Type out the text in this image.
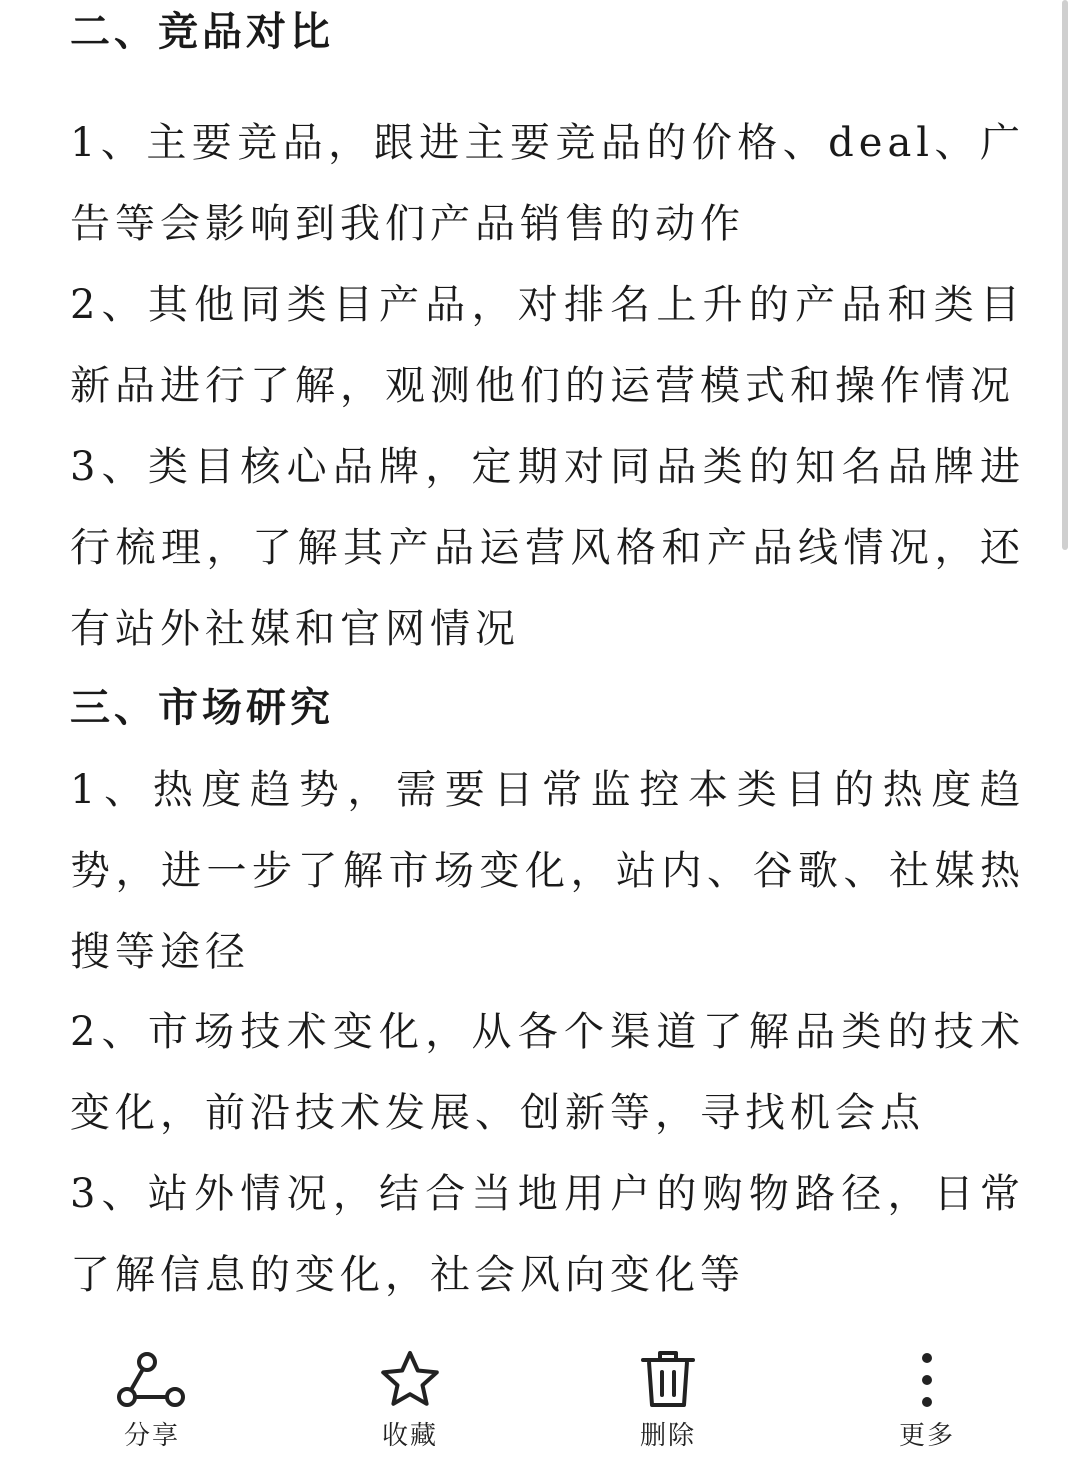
二、竞品对比
1、主要竞品，跟进主要竞品的价格、deal、广告等会影响到我们产品销售的动作
2、其他同类目产品，对排名上升的产品和类目新品进行了解，观测他们的运营模式和操作情况
3、类目核心品牌，定期对同品类的知名品牌进行梳理，了解其产品运营风格和产品线情况，还有站外社媒和官网情况
三、市场研究
1、热度趋势，需要日常监控本类目的热度趋势，进一步了解市场变化，站内、谷歌、社媒热搜等途径
2、市场技术变化，从各个渠道了解品类的技术变化，前沿技术发展、创新等，寻找机会点
3、站外情况，结合当地用户的购物路径，日常了解信息的变化，社会风向变化等
分享	收藏	删除	更多
